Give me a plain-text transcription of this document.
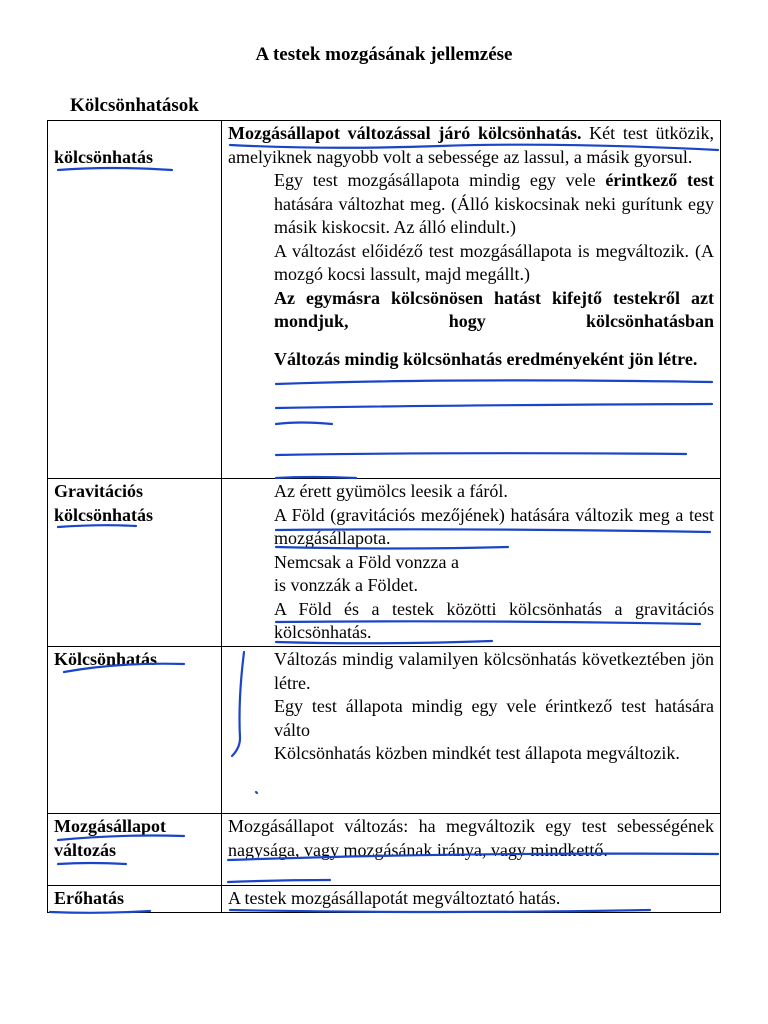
A testek mozgásának jellemzése
Kölcsönhatások
kölcsönhatás	Mozgásállapot változással járó kölcsönhatás. Két test ütközik, amelyiknek nagyobb volt a sebessége az lassul, a másik gyorsul.

Egy test mozgásállapota mindig egy vele érintkező test hatására változhat meg. (Álló kiskocsinak neki gurítunk egy másik kiskocsit. Az álló elindult.)
A változást előidéző test mozgásállapota is megváltozik. (A mozgó kocsi lassult, majd megállt.)
Az egymásra kölcsönösen hatást kifejtő testekről azt mondjuk, hogy kölcsönhatásban
Változás mindig kölcsönhatás eredményeként jön létre.

Gravitációs kölcsönhatás	Az érett gyümölcs leesik a fáról.
A Föld (gravitációs mezőjének) hatására változik meg a test mozgásállapota.
Nemcsak a Föld vonzza a
is vonzzák a Földet.
A Föld és a testek közötti kölcsönhatás a gravitációs kölcsönhatás.

Kölcsönhatás	Változás mindig valamilyen kölcsönhatás következtében jön létre.
Egy test állapota mindig egy vele érintkező test hatására válto
Kölcsönhatás közben mindkét test állapota megváltozik.

Mozgásállapot változás	Mozgásállapot változás: ha megváltozik egy test sebességének nagysága, vagy mozgásának iránya, vagy mindkettő.
Erőhatás	A testek mozgásállapotát megváltoztató hatás.
